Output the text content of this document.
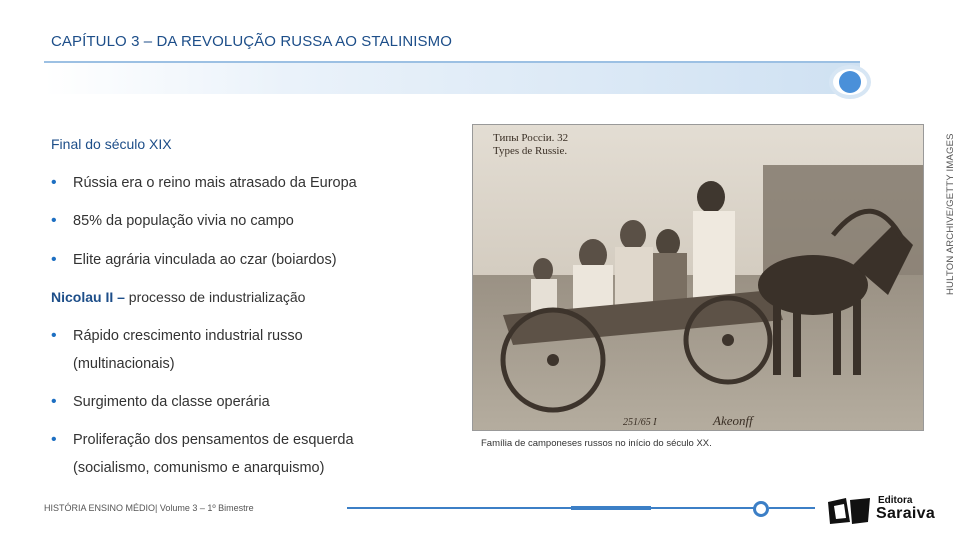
CAPÍTULO 3 – DA REVOLUÇÃO RUSSA AO STALINISMO
HULTON ARCHIVE/GETTY IMAGES
Final do século XIX
• Rússia era o reino mais atrasado da Europa
• 85% da população vivia no campo
• Elite agrária vinculada ao czar (boiardos)
Nicolau II – processo de industrialização
• Rápido crescimento industrial russo
(multinacionais)
• Surgimento da classe operária
• Proliferação dos pensamentos de esquerda
(socialismo, comunismo e anarquismo)
Типы Россіи. 32
Types de Russie.
251/65 I	Akeonff
Família de camponeses russos no início do século XX.
HISTÓRIA ENSINO MÉDIO| Volume 3 – 1º Bimestre
Editora
Saraiva
